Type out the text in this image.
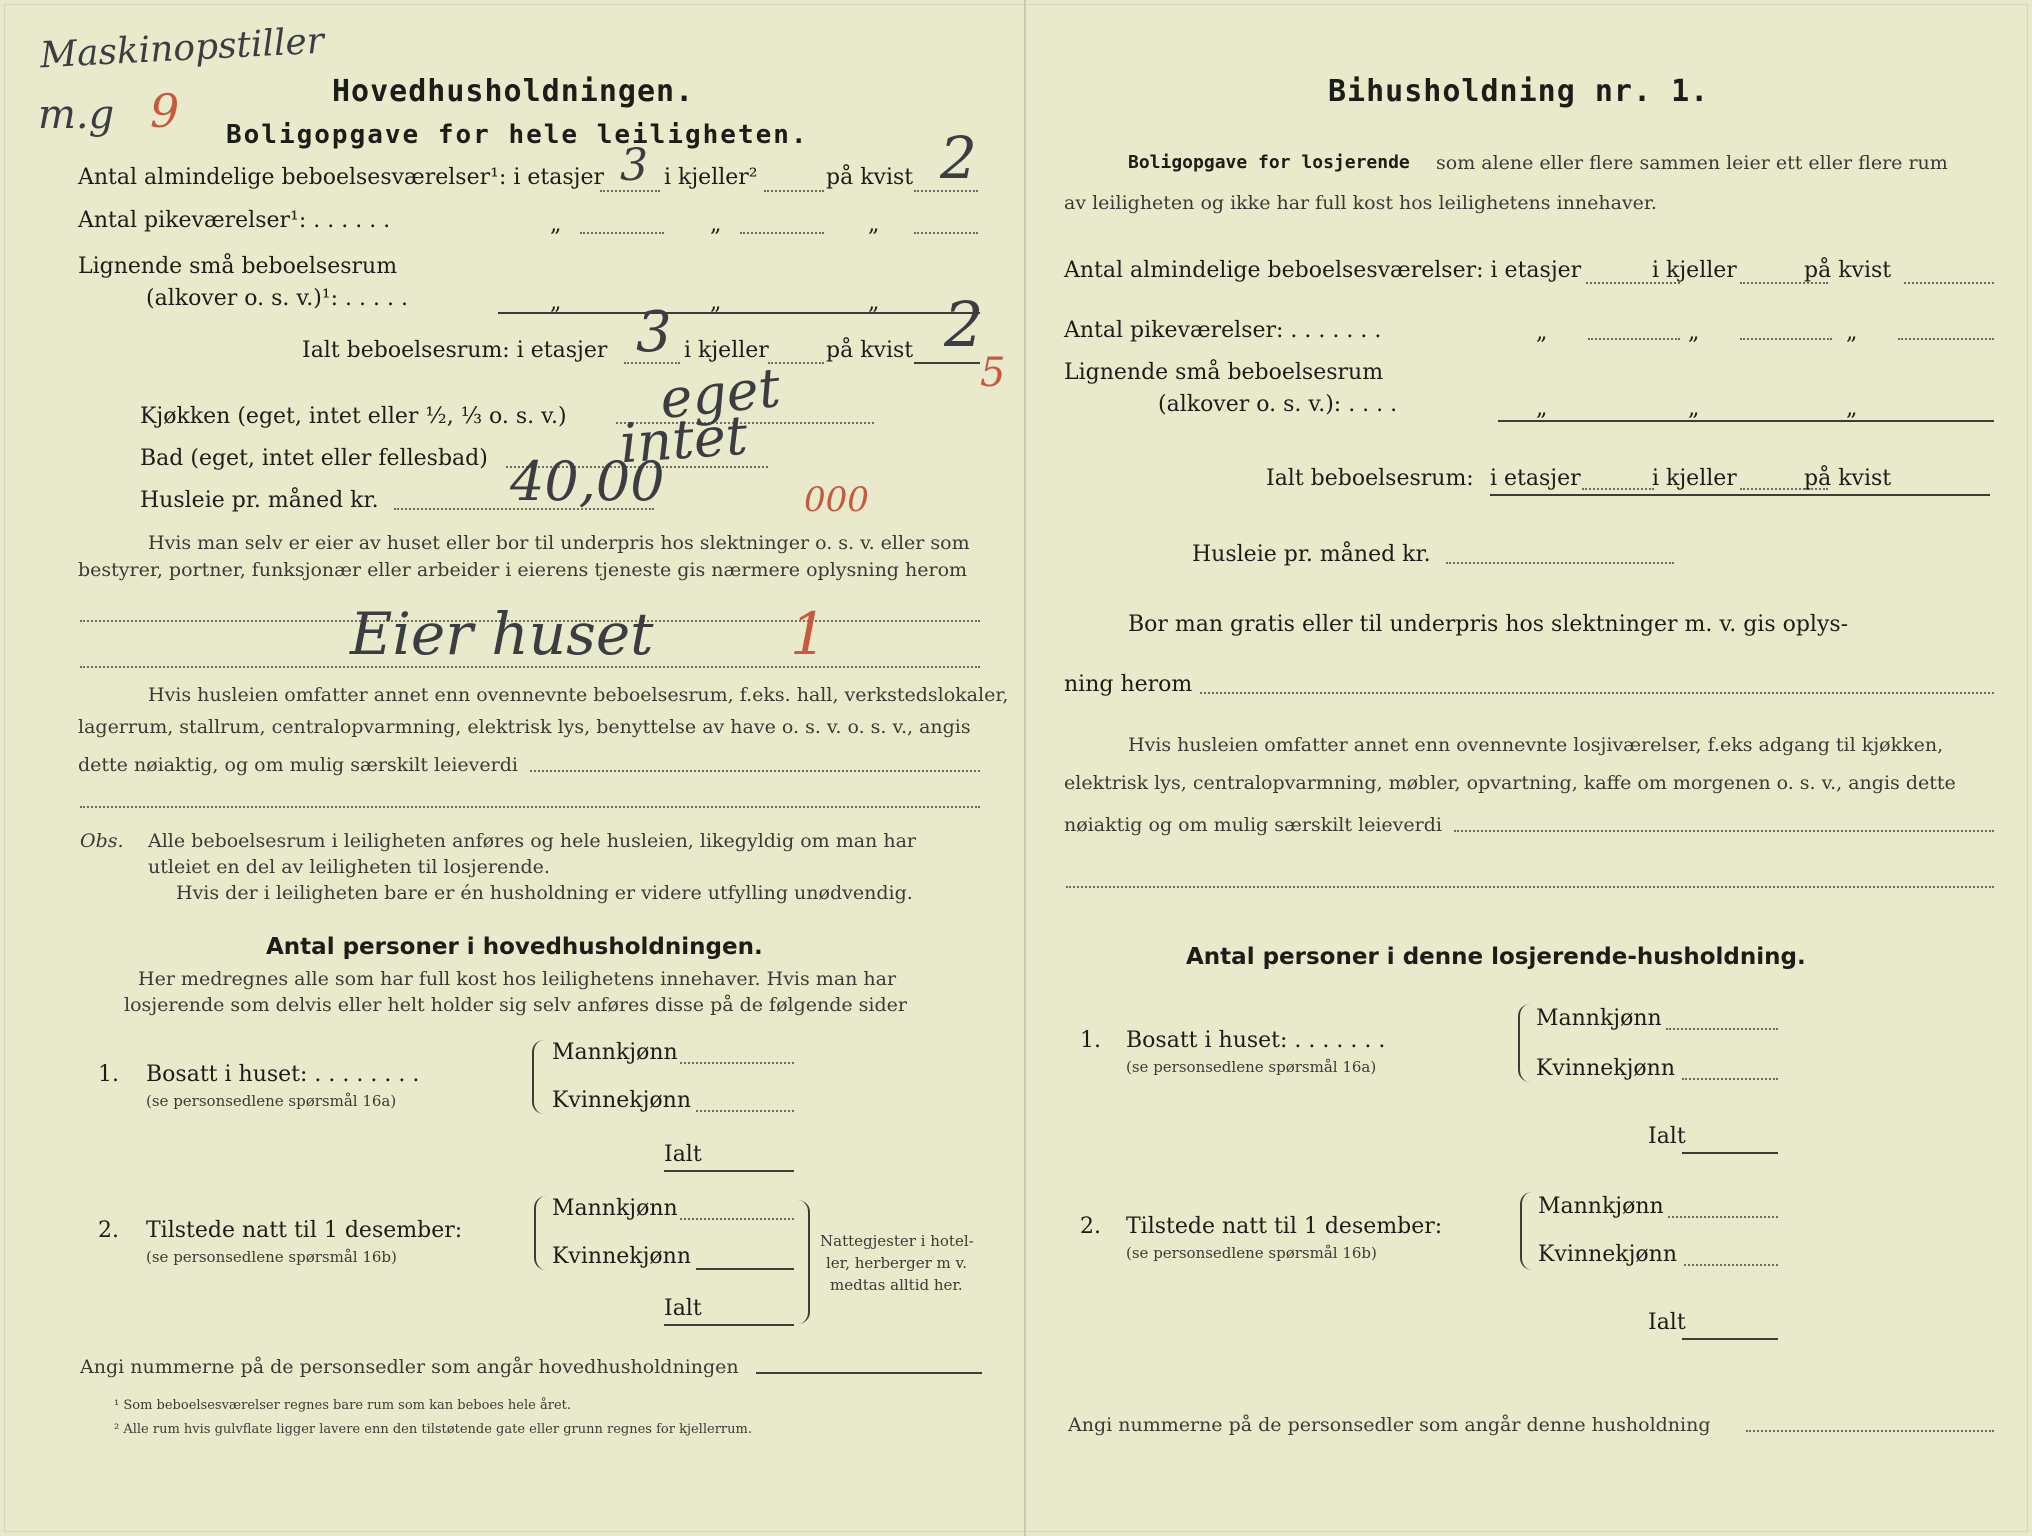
Maskinopstiller
m.g 9	Hovedhusholdningen.
Boligopgave for hele leiligheten.
Antal almindelige beboelsesværelser¹: i etasjer 3 i kjeller²	på kvist 2
Antal pikeværelser¹: . . . . . .	„	„	„
Lignende små beboelsesrum
(alkover o. s. v.)¹: . . . . .	„	„	„
Ialt beboelsesrum: i etasjer 3 i kjeller	på kvist 2
5
Kjøkken (eget, intet eller ½, ⅓ o. s. v.) eget
Bad (eget, intet eller fellesbad) intet
Husleie pr. måned kr. 40,00	000
Hvis man selv er eier av huset eller bor til underpris hos slektninger o. s. v. eller som
bestyrer, portner, funksjonær eller arbeider i eierens tjeneste gis nærmere oplysning herom
Eier huset 1
Hvis husleien omfatter annet enn ovennevnte beboelsesrum, f.eks. hall, verkstedslokaler,
lagerrum, stallrum, centralopvarmning, elektrisk lys, benyttelse av have o. s. v. o. s. v., angis
dette nøiaktig, og om mulig særskilt leieverdi
Obs. Alle beboelsesrum i leiligheten anføres og hele husleien, likegyldig om man har
utleiet en del av leiligheten til losjerende.
Hvis der i leiligheten bare er én husholdning er videre utfylling unødvendig.
Antal personer i hovedhusholdningen.
Her medregnes alle som har full kost hos leilighetens innehaver. Hvis man har
losjerende som delvis eller helt holder sig selv anføres disse på de følgende sider
1. Bosatt i huset: . . . . . . . .
(se personsedlene spørsmål 16a)
Mannkjønn
Kvinnekjønn
Ialt
2. Tilstede natt til 1 desember:
(se personsedlene spørsmål 16b)
Mannkjønn
Kvinnekjønn
Ialt
Nattegjester i hotel-
ler, herberger m v.
medtas alltid her.
Angi nummerne på de personsedler som angår hovedhusholdningen
¹ Som beboelsesværelser regnes bare rum som kan beboes hele året.
² Alle rum hvis gulvflate ligger lavere enn den tilstøtende gate eller grunn regnes for kjellerrum.
Bihusholdning nr. 1.
Boligopgave for losjerende som alene eller flere sammen leier ett eller flere rum
av leiligheten og ikke har full kost hos leilighetens innehaver.
Antal almindelige beboelsesværelser: i etasjer	i kjeller	på kvist
Antal pikeværelser: . . . . . . .	„	„	„
Lignende små beboelsesrum
(alkover o. s. v.): . . . .	„	„	„
Ialt beboelsesrum: i etasjer	i kjeller	på kvist
Husleie pr. måned kr.
Bor man gratis eller til underpris hos slektninger m. v. gis oplys-
ning herom
Hvis husleien omfatter annet enn ovennevnte losjiværelser, f.eks adgang til kjøkken,
elektrisk lys, centralopvarmning, møbler, opvartning, kaffe om morgenen o. s. v., angis dette
nøiaktig og om mulig særskilt leieverdi
Antal personer i denne losjerende-husholdning.
1. Bosatt i huset: . . . . . . .
(se personsedlene spørsmål 16a)
Mannkjønn
Kvinnekjønn
Ialt
2. Tilstede natt til 1 desember:
(se personsedlene spørsmål 16b)
Mannkjønn
Kvinnekjønn
Ialt
Angi nummerne på de personsedler som angår denne husholdning
